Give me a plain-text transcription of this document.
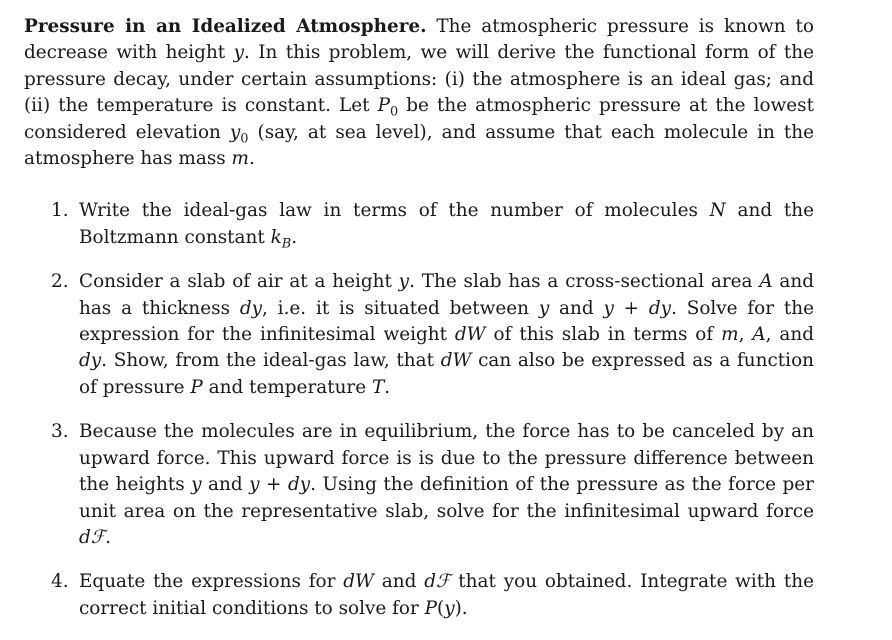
Pressure in an Idealized Atmosphere. The atmospheric pressure is known to decrease with height y. In this problem, we will derive the functional form of the pressure decay, under certain assumptions: (i) the atmosphere is an ideal gas; and (ii) the temperature is constant. Let $P_0$ be the atmospheric pressure at the lowest considered elevation $y_0$ (say, at sea level), and assume that each molecule in the atmosphere has mass m.

1. Write the ideal-gas law in terms of the number of molecules N and the Boltzmann constant $k_B$.
2. Consider a slab of air at a height y. The slab has a cross-sectional area A and has a thickness dy, i.e. it is situated between y and y + dy. Solve for the expression for the infinitesimal weight dW of this slab in terms of m, A, and dy. Show, from the ideal-gas law, that dW can also be expressed as a function of pressure P and temperature T.
3. Because the molecules are in equilibrium, the force has to be canceled by an upward force. This upward force is is due to the pressure difference between the heights y and y + dy. Using the definition of the pressure as the force per unit area on the representative slab, solve for the infinitesimal upward force dℱ.
4. Equate the expressions for dW and dℱ that you obtained. Integrate with the correct initial conditions to solve for P(y).
